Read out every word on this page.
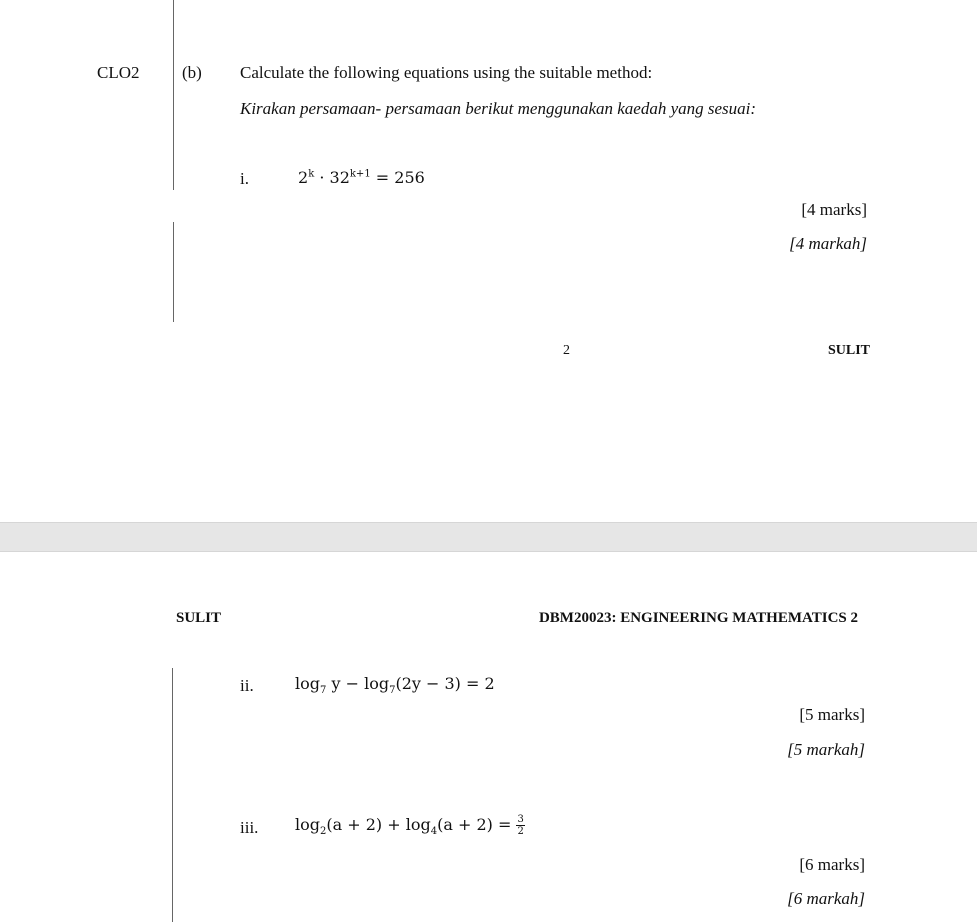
CLO2	(b) Calculate the following equations using the suitable method:
Kirakan persamaan- persamaan berikut menggunakan kaedah yang sesuai:
i.	$2^k \cdot 32^{k+1} = 256$
[4 marks]
[4 markah]
2	SULIT
SULIT	DBM20023: ENGINEERING MATHEMATICS 2
ii.	$\log_7 y - \log_7(2y - 3) = 2$
[5 marks]
[5 markah]
iii. $\log_2(a + 2) + \log_4(a + 2) = \frac{3}{2}$
[6 marks]
[6 markah]
